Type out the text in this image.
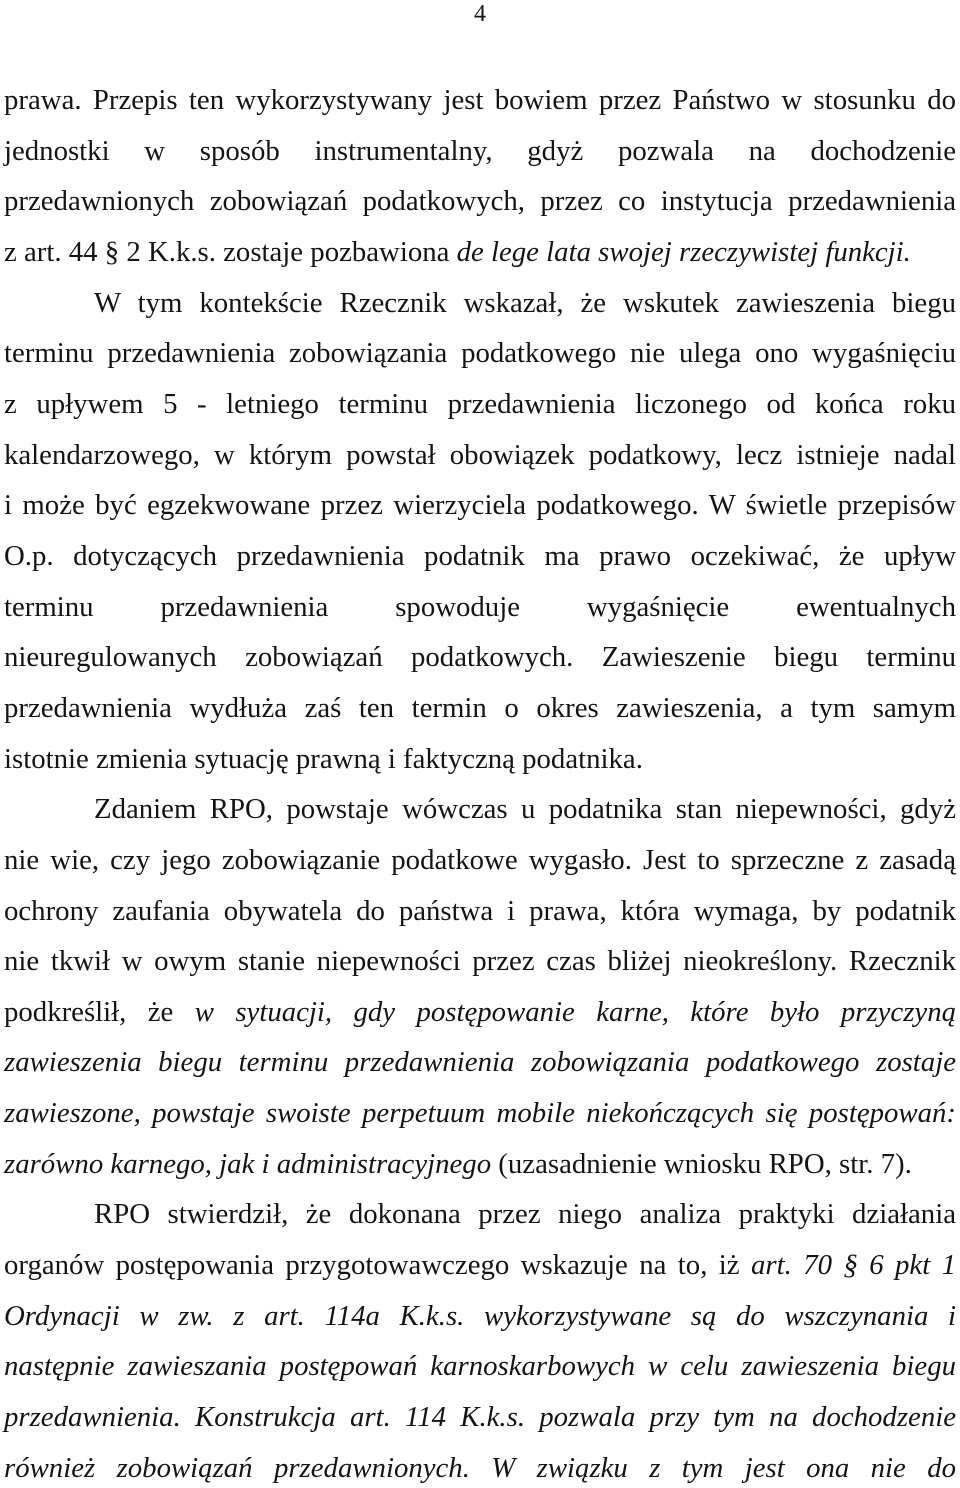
4
prawa. Przepis ten wykorzystywany jest bowiem przez Państwo w stosunku do
jednostki w sposób instrumentalny, gdyż pozwala na dochodzenie
przedawnionych zobowiązań podatkowych, przez co instytucja przedawnienia
z art. 44 § 2 K.k.s. zostaje pozbawiona de lege lata swojej rzeczywistej funkcji.
W tym kontekście Rzecznik wskazał, że wskutek zawieszenia biegu
terminu przedawnienia zobowiązania podatkowego nie ulega ono wygaśnięciu
z upływem 5 - letniego terminu przedawnienia liczonego od końca roku
kalendarzowego, w którym powstał obowiązek podatkowy, lecz istnieje nadal
i może być egzekwowane przez wierzyciela podatkowego. W świetle przepisów
O.p. dotyczących przedawnienia podatnik ma prawo oczekiwać, że upływ
terminu przedawnienia spowoduje wygaśnięcie ewentualnych
nieuregulowanych zobowiązań podatkowych. Zawieszenie biegu terminu
przedawnienia wydłuża zaś ten termin o okres zawieszenia, a tym samym
istotnie zmienia sytuację prawną i faktyczną podatnika.
Zdaniem RPO, powstaje wówczas u podatnika stan niepewności, gdyż
nie wie, czy jego zobowiązanie podatkowe wygasło. Jest to sprzeczne z zasadą
ochrony zaufania obywatela do państwa i prawa, która wymaga, by podatnik
nie tkwił w owym stanie niepewności przez czas bliżej nieokreślony. Rzecznik
podkreślił, że w sytuacji, gdy postępowanie karne, które było przyczyną
zawieszenia biegu terminu przedawnienia zobowiązania podatkowego zostaje
zawieszone, powstaje swoiste perpetuum mobile niekończących się postępowań:
zarówno karnego, jak i administracyjnego (uzasadnienie wniosku RPO, str. 7).
RPO stwierdził, że dokonana przez niego analiza praktyki działania
organów postępowania przygotowawczego wskazuje na to, iż art. 70 § 6 pkt 1
Ordynacji w zw. z art. 114a K.k.s. wykorzystywane są do wszczynania i
następnie zawieszania postępowań karnoskarbowych w celu zawieszenia biegu
przedawnienia. Konstrukcja art. 114 K.k.s. pozwala przy tym na dochodzenie
również zobowiązań przedawnionych. W związku z tym jest ona nie do
